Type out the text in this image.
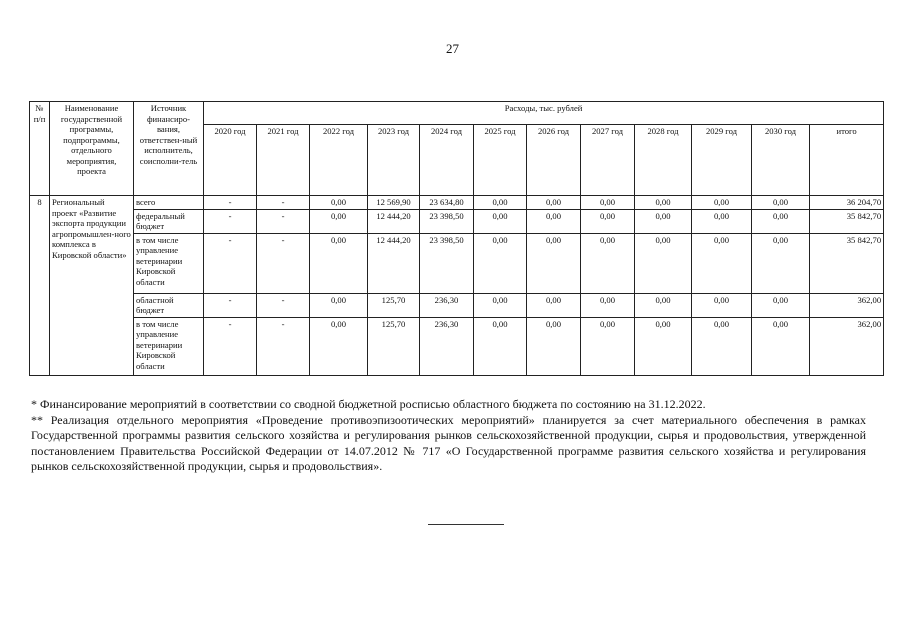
27
№ п/п	Наименование государственной программы, подпрограммы, отдельного мероприятия, проекта	Источник финансиро-вания, ответствен-ный исполнитель, соисполни-тель	Расходы, тыс. рублей											
			2020 год	2021 год	2022 год	2023 год	2024 год	2025 год	2026 год	2027 год	2028 год	2029 год	2030 год	итого
8	Региональный проект «Развитие экспорта продукции агропромышлен-ного комплекса в Кировской области»	всего	-	-	0,00	12 569,90	23 634,80	0,00	0,00	0,00	0,00	0,00	0,00	36 204,70
		федеральный бюджет	-	-	0,00	12 444,20	23 398,50	0,00	0,00	0,00	0,00	0,00	0,00	35 842,70
		в том числе управление ветеринарии Кировской области	-	-	0,00	12 444,20	23 398,50	0,00	0,00	0,00	0,00	0,00	0,00	35 842,70
		областной бюджет	-	-	0,00	125,70	236,30	0,00	0,00	0,00	0,00	0,00	0,00	362,00
		в том числе управление ветеринарии Кировской области	-	-	0,00	125,70	236,30	0,00	0,00	0,00	0,00	0,00	0,00	362,00

* Финансирование мероприятий в соответствии со сводной бюджетной росписью областного бюджета по состоянию на 31.12.2022.

** Реализация отдельного мероприятия «Проведение противоэпизоотических мероприятий» планируется за счет материального обеспечения в рамках Государственной программы развития сельского хозяйства и регулирования рынков сельскохозяйственной продукции, сырья и продовольствия, утвержденной постановлением Правительства Российской Федерации от 14.07.2012 № 717 «О Государственной программе развития сельского хозяйства и регулирования рынков сельскохозяйственной продукции, сырья и продовольствия».
